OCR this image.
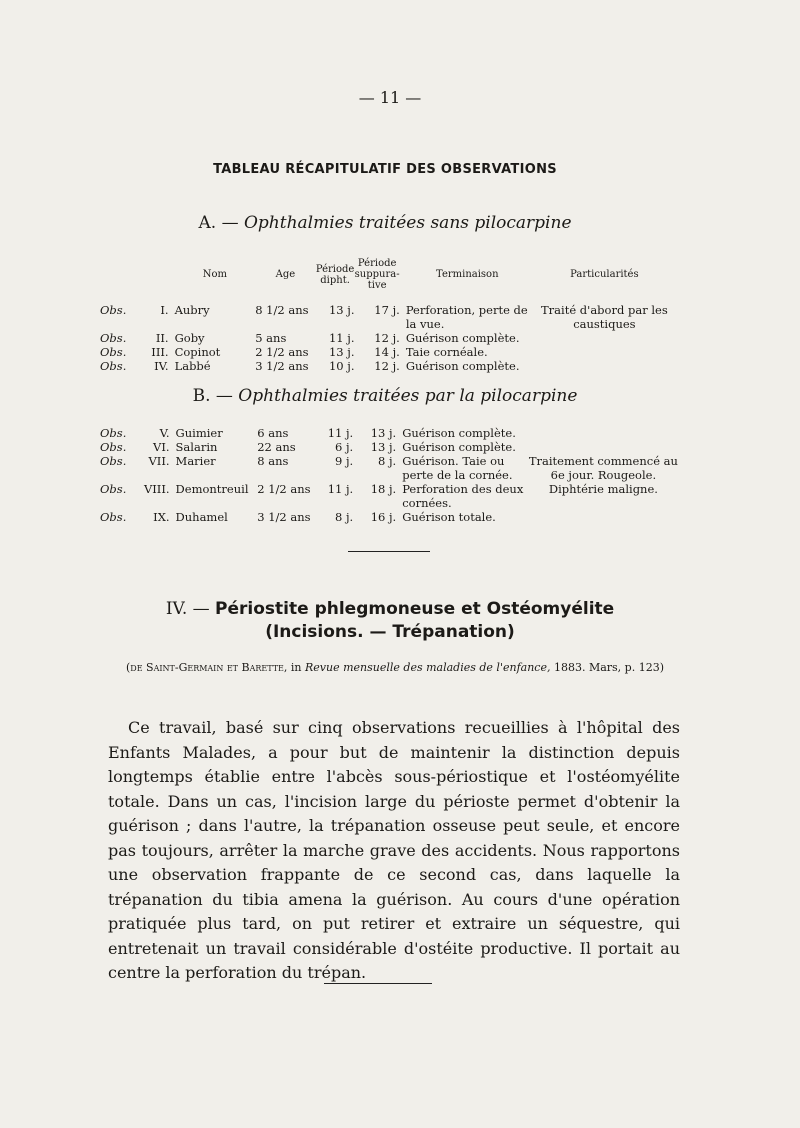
— 11 —
TABLEAU RÉCAPITULATIF DES OBSERVATIONS
A. — Ophthalmies traitées sans pilocarpine
		Nom	Age	Période dipht.	Période suppura-tive	Terminaison	Particularités
Obs.	I.	Aubry	8 1/2 ans	13 j.	17 j.	Perforation, perte de la vue.	Traité d'abord par les caustiques
Obs.	II.	Goby	5 ans	11 j.	12 j.	Guérison complète.	
Obs.	III.	Copinot	2 1/2 ans	13 j.	14 j.	Taie cornéale.	
Obs.	IV.	Labbé	3 1/2 ans	10 j.	12 j.	Guérison complète.	
B. — Ophthalmies traitées par la pilocarpine
Obs.	V.	Guimier	6 ans	11 j.	13 j.	Guérison complète.	
Obs.	VI.	Salarin	22 ans	6 j.	13 j.	Guérison complète.	
Obs.	VII.	Marier	8 ans	9 j.	8 j.	Guérison. Taie ou perte de la cornée.	Traitement commencé au 6e jour. Rougeole.
Obs.	VIII.	Demontreuil	2 1/2 ans	11 j.	18 j.	Perforation des deux cornées.	Diphtérie maligne.
Obs.	IX.	Duhamel	3 1/2 ans	8 j.	16 j.	Guérison totale.	
IV. — Périostite phlegmoneuse et Ostéomyélite
(Incisions. — Trépanation)
(de Saint-Germain et Barette, in Revue mensuelle des maladies de l'enfance, 1883. Mars, p. 123)

Ce travail, basé sur cinq observations recueillies à l'hôpital des Enfants Malades, a pour but de maintenir la distinction depuis longtemps établie entre l'abcès sous-périostique et l'ostéomyélite totale. Dans un cas, l'incision large du périoste permet d'obtenir la guérison ; dans l'autre, la trépanation osseuse peut seule, et encore pas toujours, arrêter la marche grave des accidents. Nous rapportons une observation frappante de ce second cas, dans laquelle la trépanation du tibia amena la guérison. Au cours d'une opération pratiquée plus tard, on put retirer et extraire un séquestre, qui entretenait un travail considérable d'ostéite productive. Il portait au centre la perforation du trépan.
